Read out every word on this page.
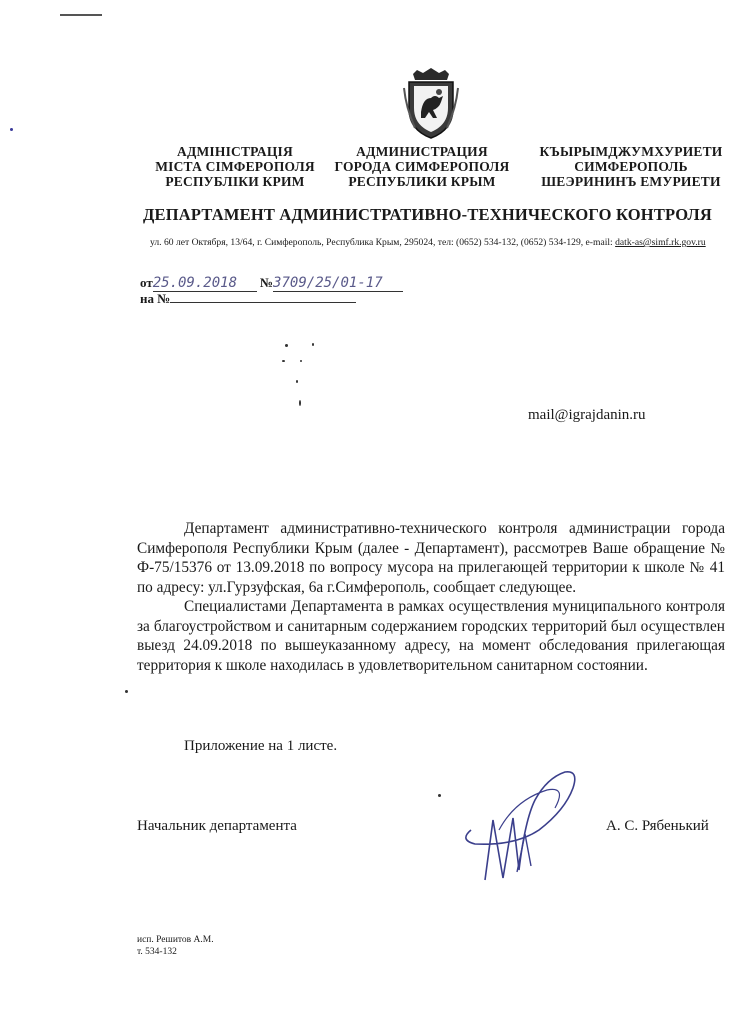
АДМІНІСТРАЦІЯ
МІСТА СІМФЕРОПОЛЯ
РЕСПУБЛІКИ КРИМ
АДМИНИСТРАЦИЯ
ГОРОДА СИМФЕРОПОЛЯ
РЕСПУБЛИКИ КРЫМ
КЪЫРЫМДЖУМХУРИЕТИ
СИМФЕРОПОЛЬ
ШЕЭРИНИНЪ ЕМУРИЕТИ
ДЕПАРТАМЕНТ АДМИНИСТРАТИВНО-ТЕХНИЧЕСКОГО КОНТРОЛЯ
ул. 60 лет Октября, 13/64, г. Симферополь, Республика Крым, 295024, тел: (0652) 534-132, (0652) 534-129, e-mail: datk-as@simf.rk.gov.ru
от25.09.2018 №3709/25/01-17
на №
mail@igrajdanin.ru

Департамент административно-технического контроля администрации города Симферополя Республики Крым (далее - Департамент), рассмотрев Ваше обращение № Ф-75/15376 от 13.09.2018 по вопросу мусора на прилегающей территории к школе № 41 по адресу: ул.Гурзуфская, 6а г.Симферополь, сообщает следующее.

Специалистами Департамента в рамках осуществления муниципального контроля за благоустройством и санитарным содержанием городских территорий был осуществлен выезд 24.09.2018 по вышеуказанному адресу, на момент обследования прилегающая территория к школе находилась в удовлетворительном санитарном состоянии.

Приложение на 1 листе.
Начальник департамента	А. С. Рябенький
исп. Решитов А.М.
т. 534-132
